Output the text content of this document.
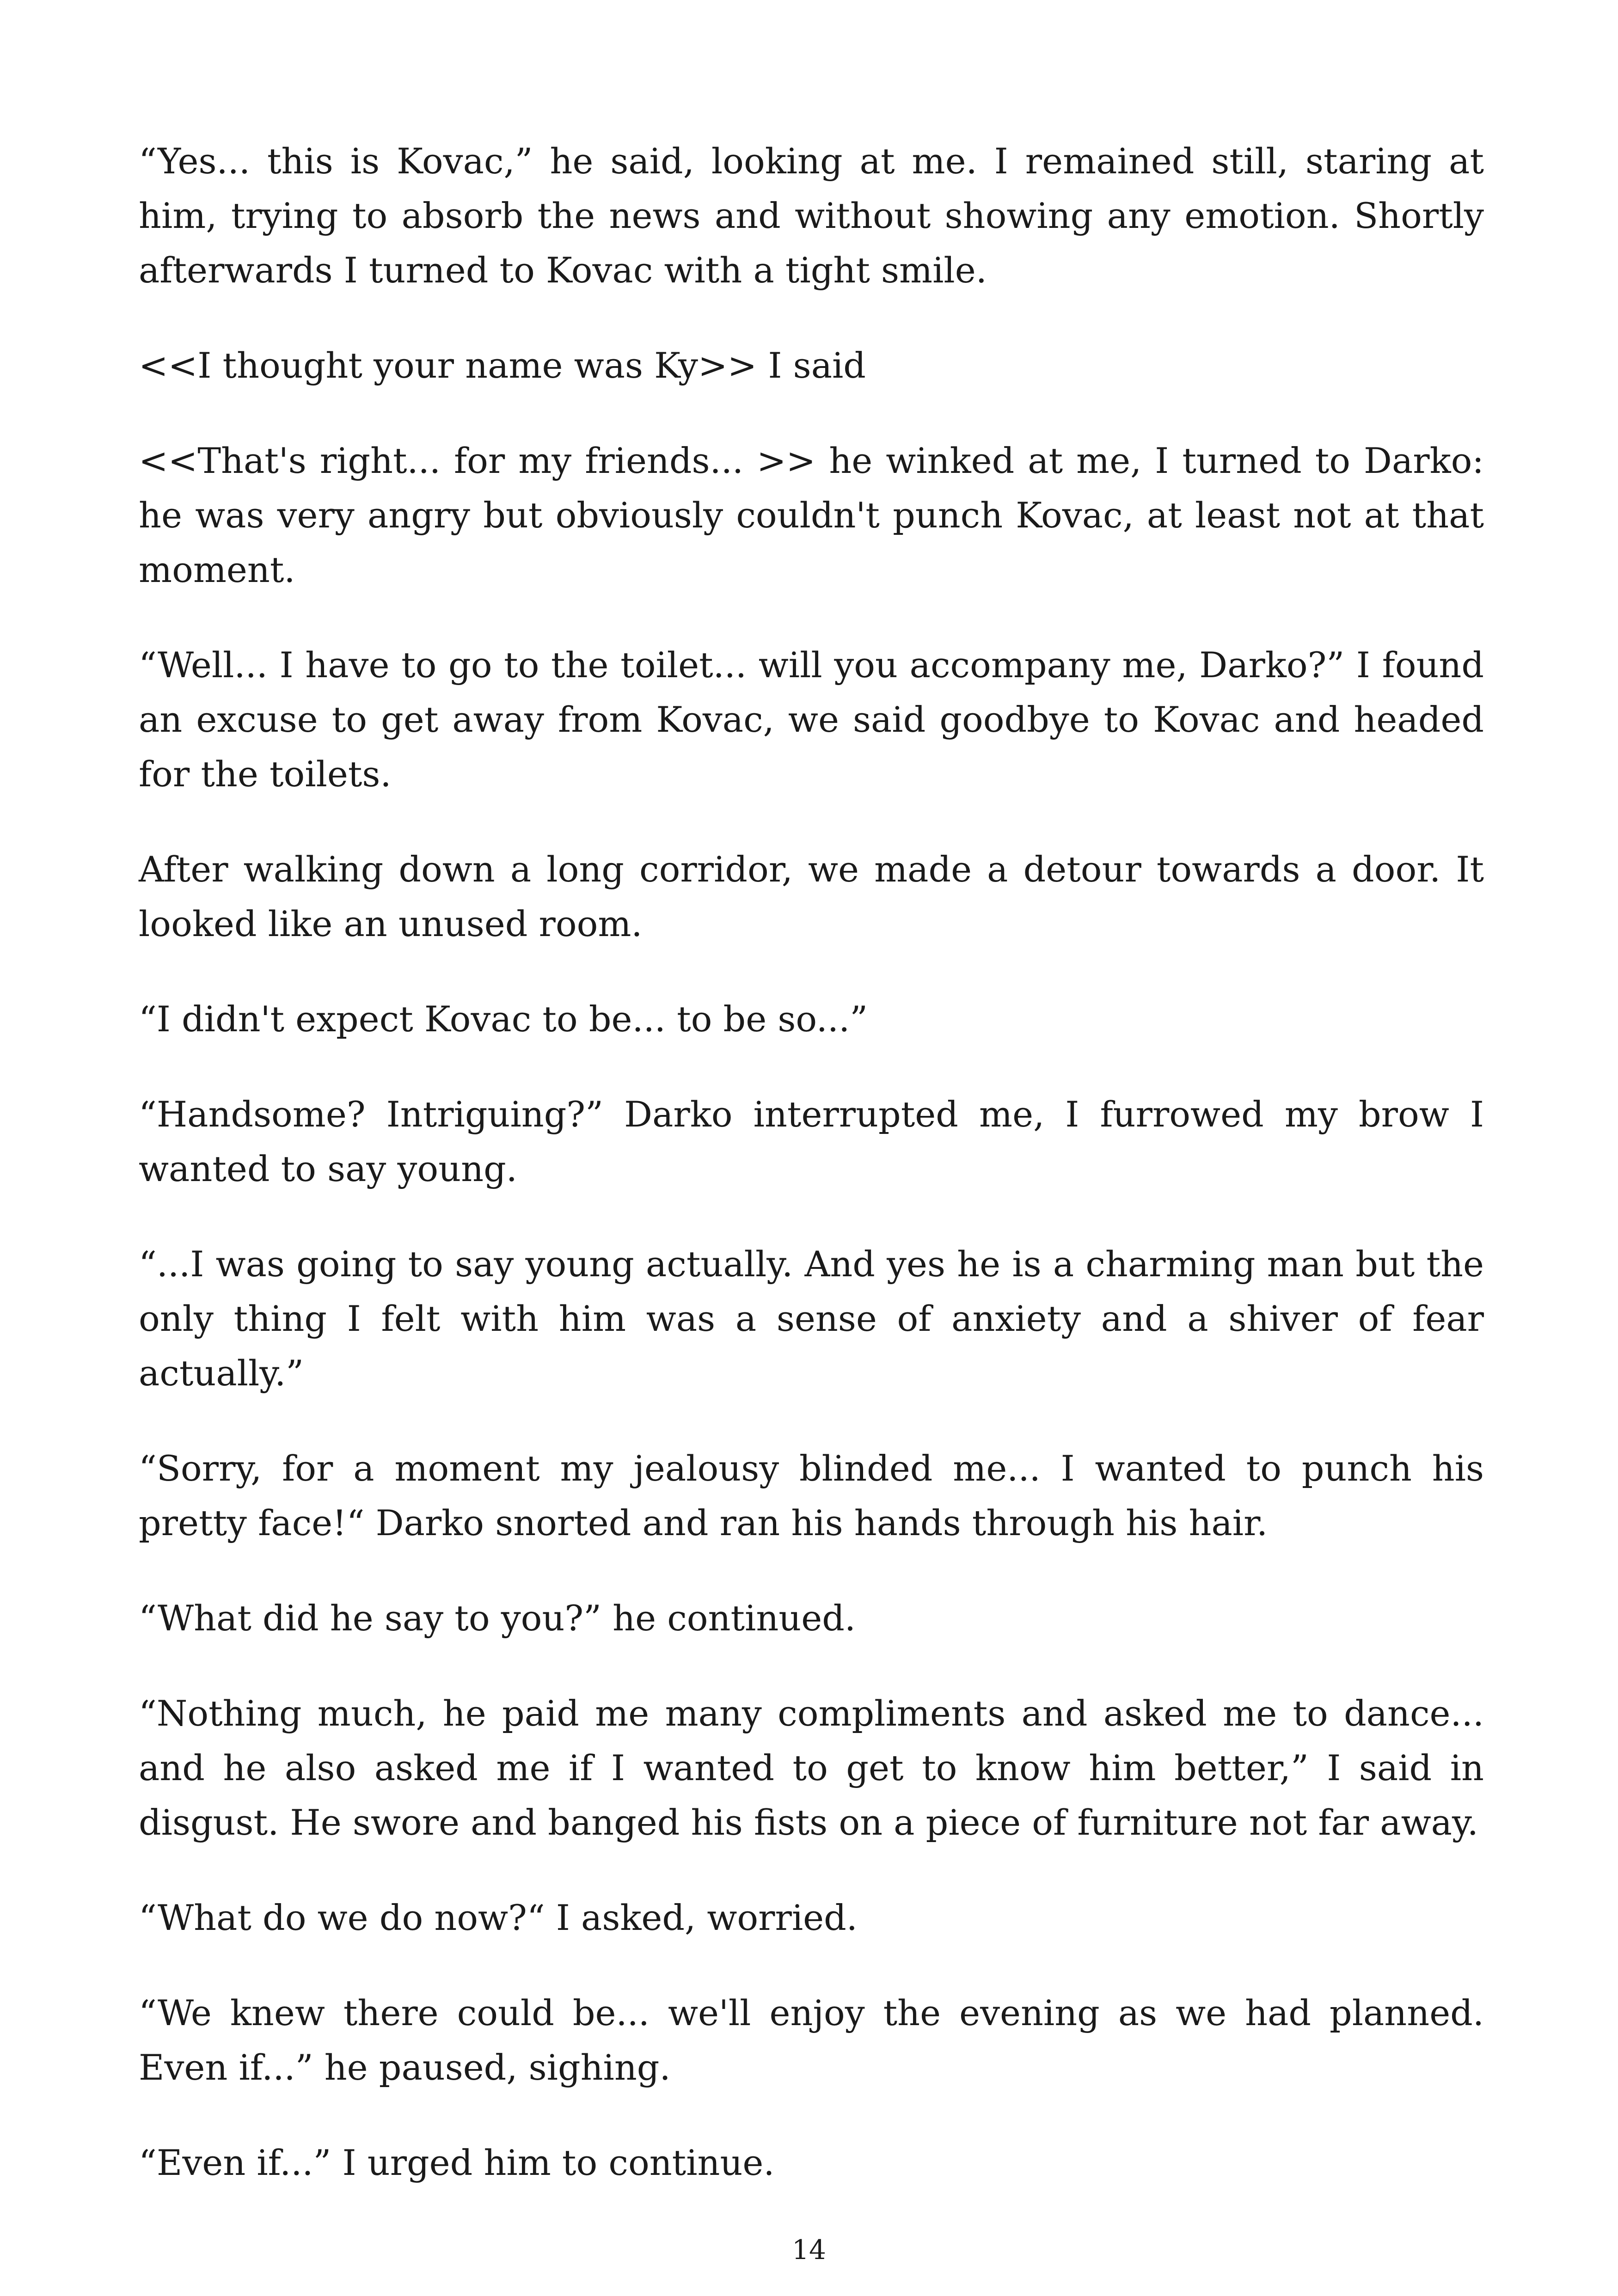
“Yes... this is Kovac,” he said, looking at me. I remained still, staring at him, trying to absorb the news and without showing any emotion. Shortly afterwards I turned to Kovac with a tight smile.

<<I thought your name was Ky>> I said

<<That's right... for my friends... >> he winked at me, I turned to Darko: he was very angry but obviously couldn't punch Kovac, at least not at that moment.

“Well... I have to go to the toilet... will you accompany me, Darko?” I found an excuse to get away from Kovac, we said goodbye to Kovac and headed for the toilets.

After walking down a long corridor, we made a detour towards a door. It looked like an unused room.

“I didn't expect Kovac to be... to be so...”

“Handsome? Intriguing?” Darko interrupted me, I furrowed my brow I wanted to say young.

“...I was going to say young actually. And yes he is a charming man but the only thing I felt with him was a sense of anxiety and a shiver of fear actually.”

“Sorry, for a moment my jealousy blinded me... I wanted to punch his pretty face!“ Darko snorted and ran his hands through his hair.

“What did he say to you?” he continued.

“Nothing much, he paid me many compliments and asked me to dance... and he also asked me if I wanted to get to know him better,” I said in disgust. He swore and banged his fists on a piece of furniture not far away.

“What do we do now?“ I asked, worried.

“We knew there could be... we'll enjoy the evening as we had planned. Even if...” he paused, sighing.

“Even if...” I urged him to continue.

14
